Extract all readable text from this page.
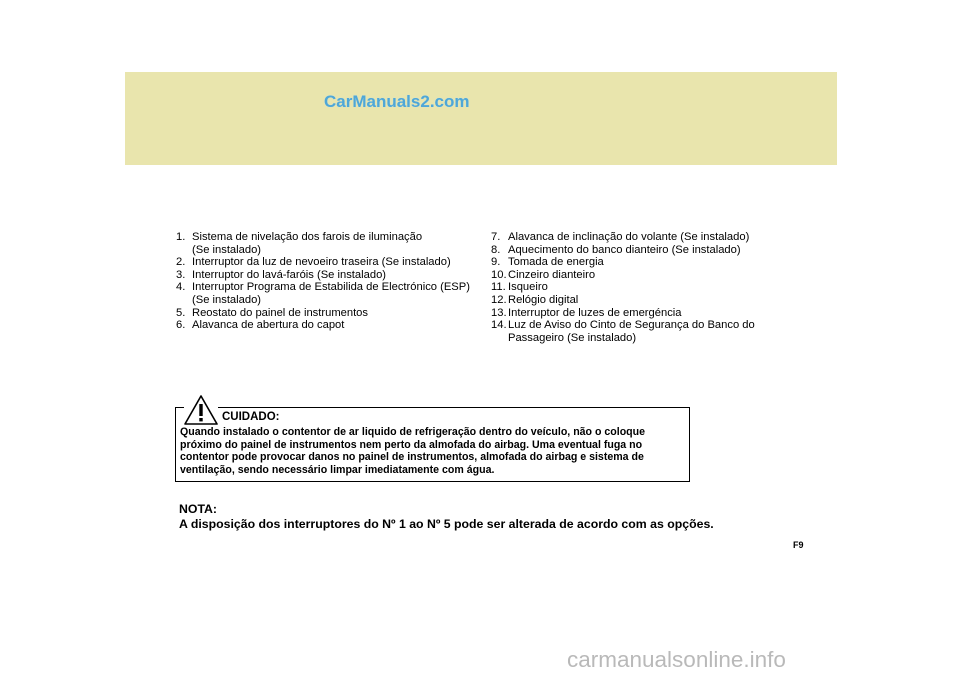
CarManuals2.com
1. Sistema de nivelação dos farois de iluminação
(Se instalado)
2. Interruptor da luz de nevoeiro traseira (Se instalado)
3. Interruptor do lavá-faróis (Se instalado)
4. Interruptor Programa de Estabilida de Electrónico (ESP)
(Se instalado)
5. Reostato do painel de instrumentos
6. Alavanca de abertura do capot
7. Alavanca de inclinação do volante (Se instalado)
8. Aquecimento do banco dianteiro (Se instalado)
9. Tomada de energia
10. Cinzeiro dianteiro
11. Isqueiro
12. Relógio digital
13. Interruptor de luzes de emergéncia
14. Luz de Aviso do Cinto de Segurança do Banco do
Passageiro (Se instalado)
CUIDADO:

Quando instalado o contentor de ar liquido de refrigeração dentro do veículo, não o coloque próximo do painel de instrumentos nem perto da almofada do airbag. Uma eventual fuga no contentor pode provocar danos no painel de instrumentos, almofada do airbag e sistema de ventilação, sendo necessário limpar imediatamente com água.

NOTA:
A disposição dos interruptores do Nº 1 ao Nº 5 pode ser alterada de acordo com as opções.
F9
carmanualsonline.info
